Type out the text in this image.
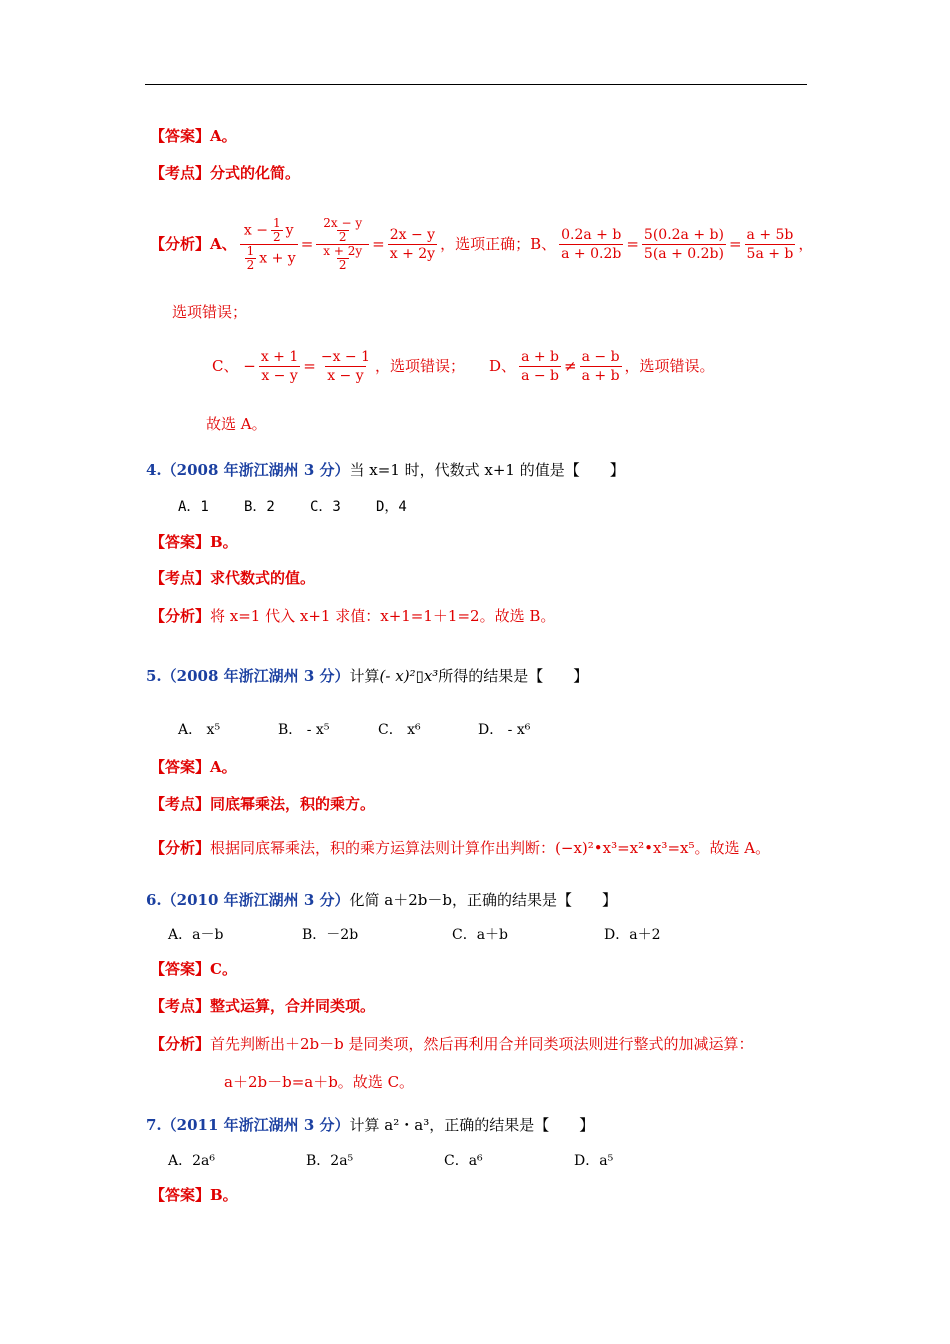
【答案】A。
【考点】分式的化简。
【分析】A、 $\frac{x - \frac{1}{2} y}{\frac{1}{2} x + y} = \frac{\frac{2x - y}{2}}{\frac{x + 2y}{2}} = \frac{2x - y}{x + 2y}$ ，选项正确；B、 $\frac{0.2a + b}{a + 0.2b} = \frac{5(0.2a + b)}{5(a + 0.2b)} = \frac{a + 5b}{5a + b}$ ，
选项错误；
C、 − $\frac{x + 1}{x - y} = \frac{-x - 1}{x - y}$ ，选项错误； D、 $\frac{a + b}{a - b} \ne \frac{a - b}{a + b}$ ，选项错误。
故选 A。
4.（2008 年浙江湖州 3 分）当 x=1 时，代数式 x+1 的值是【　　】
A．1	B．2	C．3	D，4
【答案】B。
【考点】求代数式的值。
【分析】将 x=1 代入 x+1 求值：x+1=1＋1=2。故选 B。
5.（2008 年浙江湖州 3 分）计算(- x)²▯x³所得的结果是【　　】
A． x⁵	B． - x⁵	C． x⁶	D． - x⁶
【答案】A。
【考点】同底幂乘法，积的乘方。
【分析】根据同底幂乘法，积的乘方运算法则计算作出判断：(−x)²•x³=x²•x³=x⁵。故选 A。
6.（2010 年浙江湖州 3 分）化简 a＋2b－b，正确的结果是【　　】
A．a－b	B．－2b	C．a＋b	D．a＋2
【答案】C。
【考点】整式运算，合并同类项。
【分析】首先判断出＋2b－b 是同类项，然后再利用合并同类项法则进行整式的加减运算：
a＋2b－b=a＋b。故选 C。
7.（2011 年浙江湖州 3 分）计算 a²・a³，正确的结果是【　　】
A．2a⁶	B．2a⁵	C．a⁶	D．a⁵
【答案】B。
